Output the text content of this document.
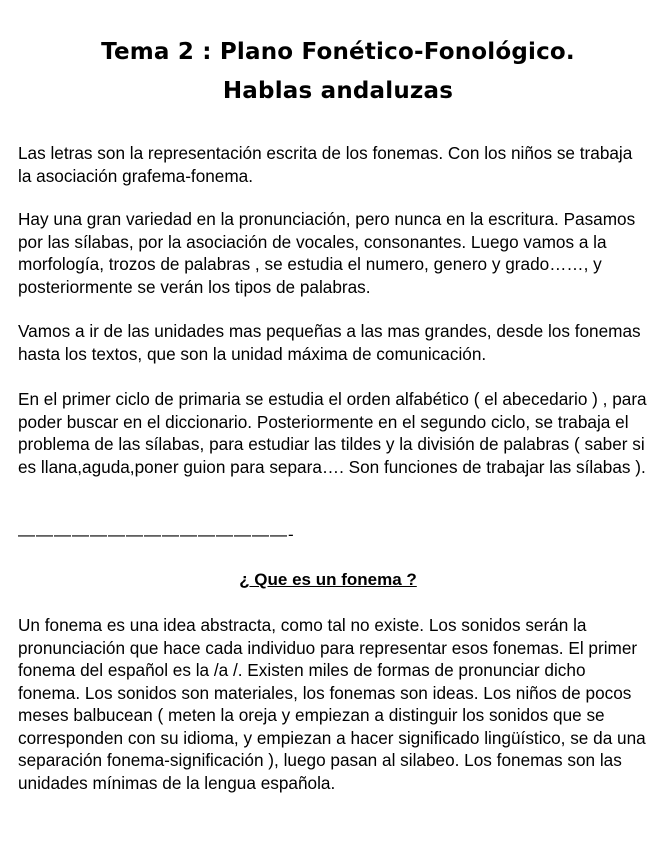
Tema 2 : Plano Fonético-Fonológico.
Hablas andaluzas

Las letras son la representación escrita de los fonemas. Con los niños se trabaja la asociación grafema-fonema.

Hay una gran variedad en la pronunciación, pero nunca en la escritura. Pasamos por las sílabas, por la asociación de vocales, consonantes. Luego vamos a la morfología, trozos de palabras , se estudia el numero, genero y grado……, y posteriormente se verán los tipos de palabras.

Vamos a ir de las unidades mas pequeñas a las mas grandes, desde los fonemas hasta los textos, que son la unidad máxima de comunicación.

En el primer ciclo de primaria se estudia el orden alfabético ( el abecedario ) , para poder buscar en el diccionario. Posteriormente en el segundo ciclo, se trabaja el problema de las sílabas, para estudiar las tildes y la división de palabras ( saber si es llana,aguda,poner guion para separa…. Son funciones de trabajar las sílabas ).

———————————————-
¿ Que es un fonema ?

Un fonema es una idea abstracta, como tal no existe. Los sonidos serán la pronunciación que hace cada individuo para representar esos fonemas. El primer fonema del español es la /a /. Existen miles de formas de pronunciar dicho fonema. Los sonidos son materiales, los fonemas son ideas. Los niños de pocos meses balbucean ( meten la oreja y empiezan a distinguir los sonidos que se corresponden con su idioma, y empiezan a hacer significado lingüístico, se da una separación fonema-significación ), luego pasan al silabeo. Los fonemas son las unidades mínimas de la lengua española.
